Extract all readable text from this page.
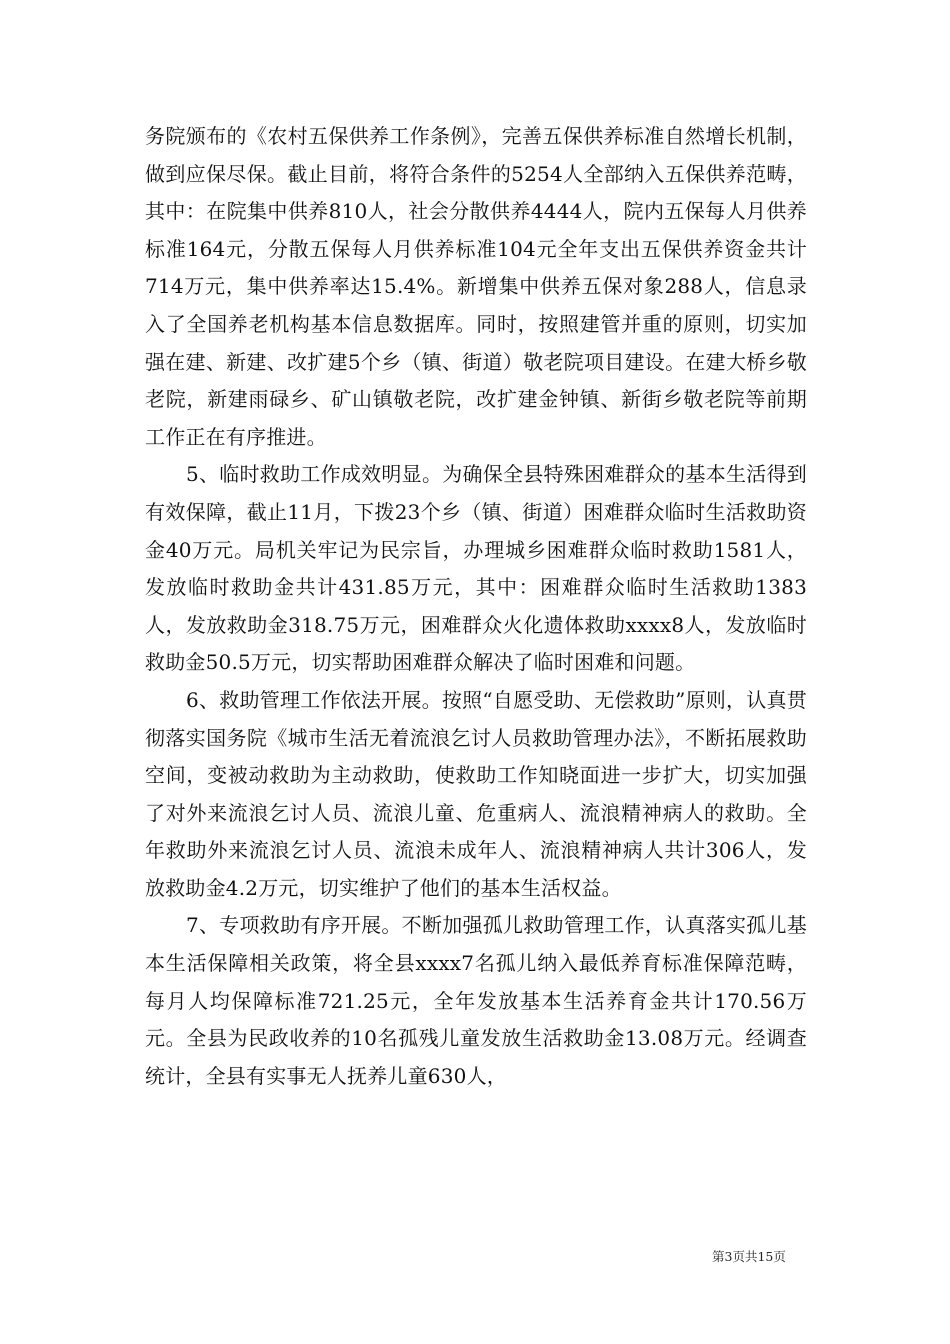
务院颁布的《农村五保供养工作条例》，完善五保供养标准自然增长机制，做到应保尽保。截止目前，将符合条件的5254人全部纳入五保供养范畴，其中：在院集中供养810人，社会分散供养4444人，院内五保每人月供养标准164元，分散五保每人月供养标准104元全年支出五保供养资金共计714万元，集中供养率达15.4%。新增集中供养五保对象288人，信息录入了全国养老机构基本信息数据库。同时，按照建管并重的原则，切实加强在建、新建、改扩建5个乡（镇、街道）敬老院项目建设。在建大桥乡敬老院，新建雨碌乡、矿山镇敬老院，改扩建金钟镇、新街乡敬老院等前期工作正在有序推进。

5、临时救助工作成效明显。为确保全县特殊困难群众的基本生活得到有效保障，截止11月，下拨23个乡（镇、街道）困难群众临时生活救助资金40万元。局机关牢记为民宗旨，办理城乡困难群众临时救助1581人，发放临时救助金共计431.85万元，其中：困难群众临时生活救助1383人，发放救助金318.75万元，困难群众火化遗体救助xxxx8人，发放临时救助金50.5万元，切实帮助困难群众解决了临时困难和问题。

6、救助管理工作依法开展。按照“自愿受助、无偿救助”原则，认真贯彻落实国务院《城市生活无着流浪乞讨人员救助管理办法》，不断拓展救助空间，变被动救助为主动救助，使救助工作知晓面进一步扩大，切实加强了对外来流浪乞讨人员、流浪儿童、危重病人、流浪精神病人的救助。全年救助外来流浪乞讨人员、流浪未成年人、流浪精神病人共计306人，发放救助金4.2万元，切实维护了他们的基本生活权益。

7、专项救助有序开展。不断加强孤儿救助管理工作，认真落实孤儿基本生活保障相关政策，将全县xxxx7名孤儿纳入最低养育标准保障范畴，每月人均保障标准721.25元，全年发放基本生活养育金共计170.56万元。全县为民政收养的10名孤残儿童发放生活救助金13.08万元。经调查统计，全县有实事无人抚养儿童630人，

第3页共15页
